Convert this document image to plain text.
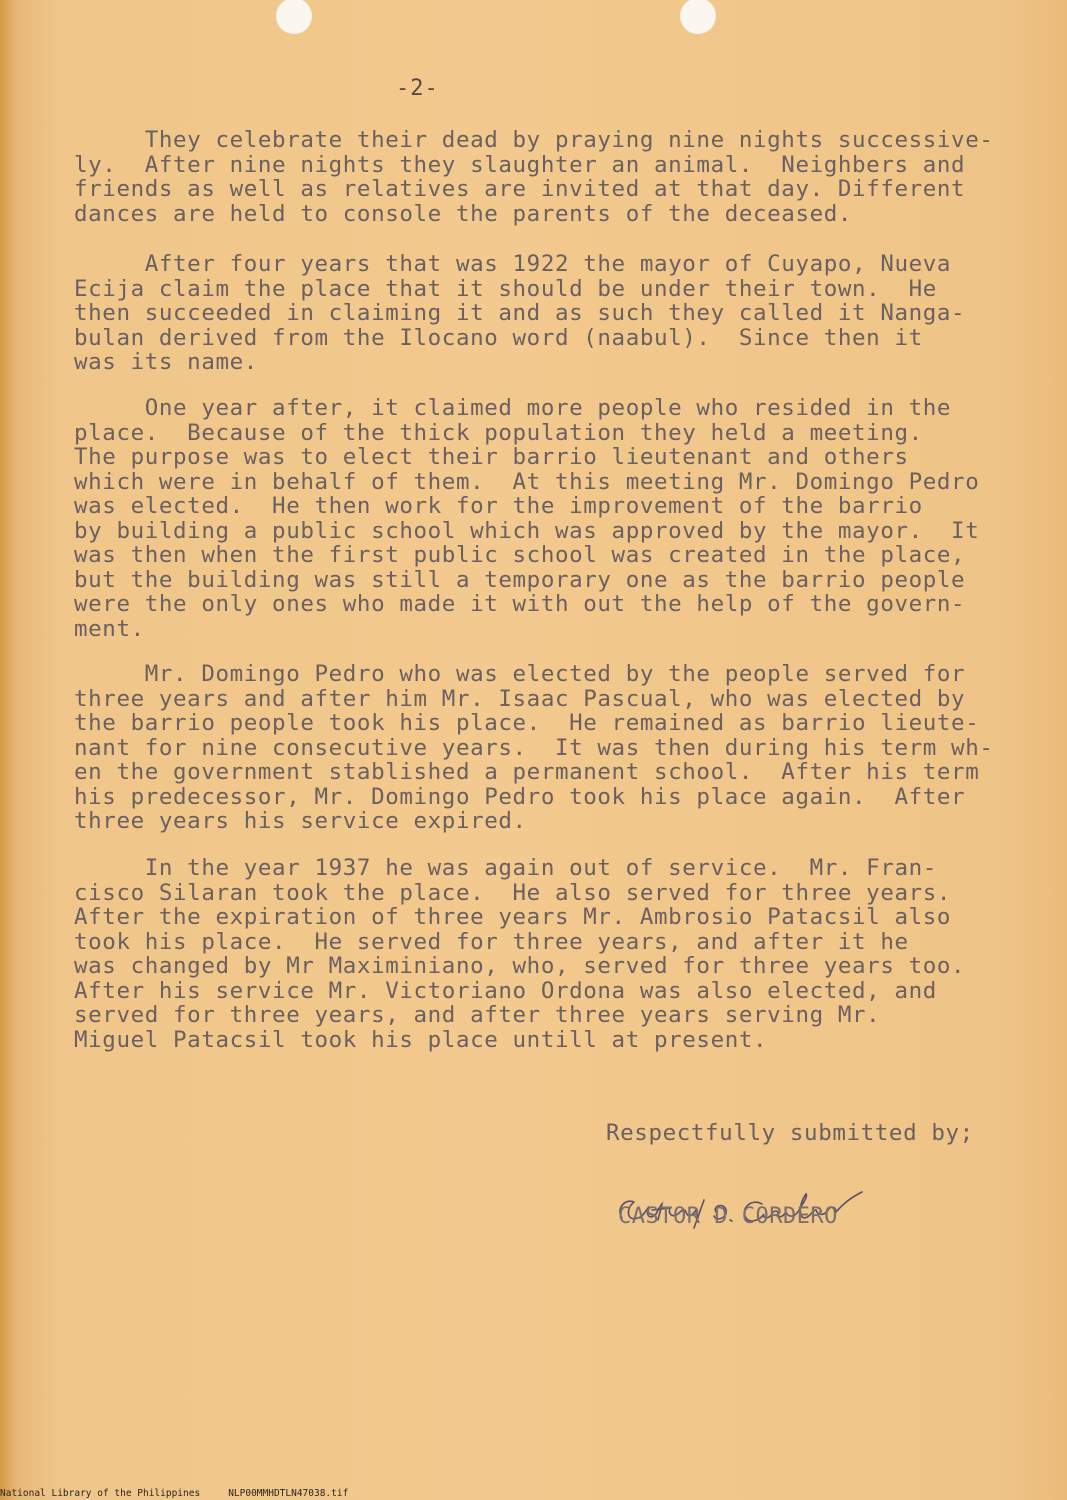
-2-

They celebrate their dead by praying nine nights successive-
ly.  After nine nights they slaughter an animal.  Neighbers and
friends as well as relatives are invited at that day. Different
dances are held to console the parents of the deceased.

After four years that was 1922 the mayor of Cuyapo, Nueva
Ecija claim the place that it should be under their town.  He
then succeeded in claiming it and as such they called it Nanga-
bulan derived from the Ilocano word (naabul).  Since then it
was its name.

One year after, it claimed more people who resided in the
place.  Because of the thick population they held a meeting.
The purpose was to elect their barrio lieutenant and others
which were in behalf of them.  At this meeting Mr. Domingo Pedro
was elected.  He then work for the improvement of the barrio
by building a public school which was approved by the mayor.  It
was then when the first public school was created in the place,
but the building was still a temporary one as the barrio people
were the only ones who made it with out the help of the govern-
ment.

Mr. Domingo Pedro who was elected by the people served for
three years and after him Mr. Isaac Pascual, who was elected by
the barrio people took his place.  He remained as barrio lieute-
nant for nine consecutive years.  It was then during his term wh-
en the government stablished a permanent school.  After his term
his predecessor, Mr. Domingo Pedro took his place again.  After
three years his service expired.

In the year 1937 he was again out of service.  Mr. Fran-
cisco Silaran took the place.  He also served for three years.
After the expiration of three years Mr. Ambrosio Patacsil also
took his place.  He served for three years, and after it he
was changed by Mr Maximiniano, who, served for three years too.
After his service Mr. Victoriano Ordona was also elected, and
served for three years, and after three years serving Mr.
Miguel Patacsil took his place untill at present.

Respectfully submitted by;
CASTOR D CORDERO
National Library of the Philippines	NLP00MMHDTLN47038.tif
